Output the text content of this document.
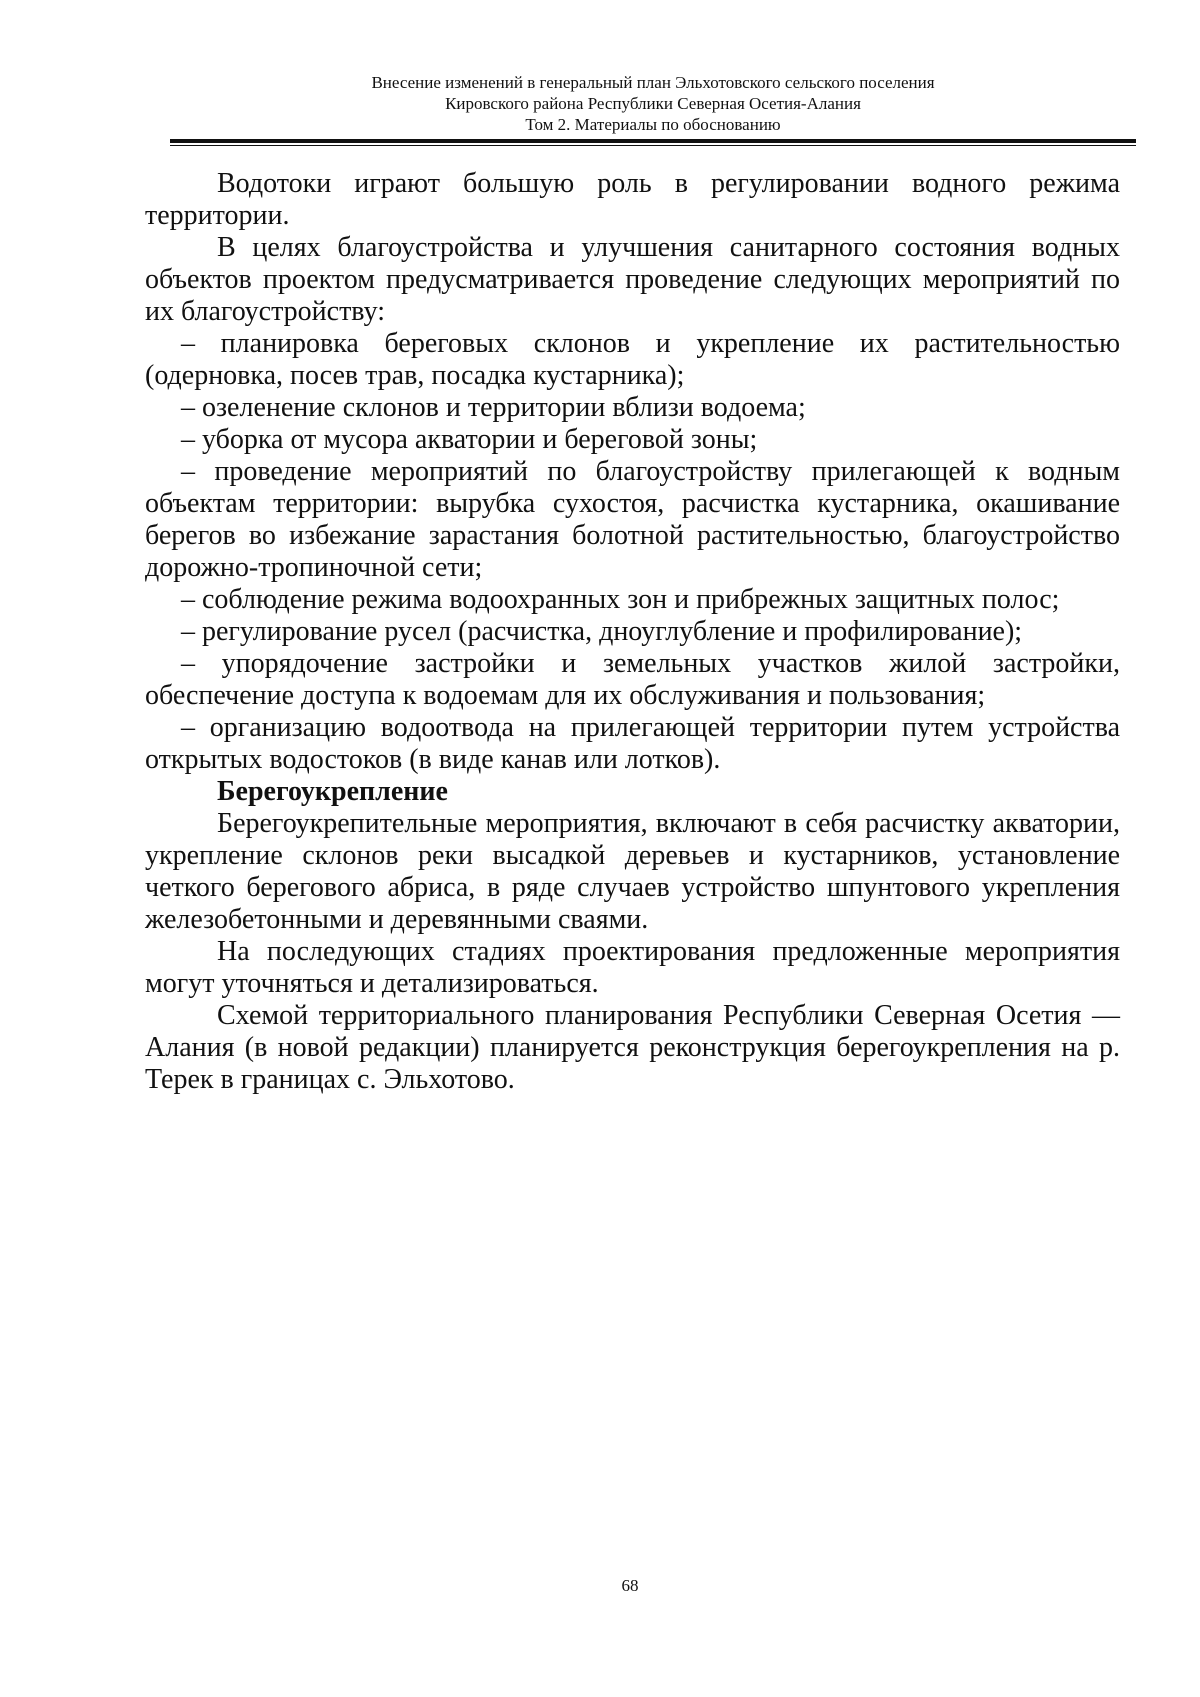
Внесение изменений в генеральный план Эльхотовского сельского поселения
Кировского района Республики Северная Осетия-Алания
Том 2. Материалы по обоснованию

Водотоки играют большую роль в регулировании водного режима территории.

В целях благоустройства и улучшения санитарного состояния водных объектов проектом предусматривается проведение следующих мероприятий по их благоустройству:

– планировка береговых склонов и укрепление их растительностью (одерновка, посев трав, посадка кустарника);

– озеленение склонов и территории вблизи водоема;

– уборка от мусора акватории и береговой зоны;

– проведение мероприятий по благоустройству прилегающей к водным объектам территории: вырубка сухостоя, расчистка кустарника, окашивание берегов во избежание зарастания болотной растительностью, благоустройство дорожно-тропиночной сети;

– соблюдение режима водоохранных зон и прибрежных защитных полос;

– регулирование русел (расчистка, дноуглубление и профилирование);

– упорядочение застройки и земельных участков жилой застройки, обеспечение доступа к водоемам для их обслуживания и пользования;

– организацию водоотвода на прилегающей территории путем устройства открытых водостоков (в виде канав или лотков).

Берегоукрепление

Берегоукрепительные мероприятия, включают в себя расчистку акватории, укрепление склонов реки высадкой деревьев и кустарников, установление четкого берегового абриса, в ряде случаев устройство шпунтового укрепления железобетонными и деревянными сваями.

На последующих стадиях проектирования предложенные мероприятия могут уточняться и детализироваться.

Схемой территориального планирования Республики Северная Осетия — Алания (в новой редакции) планируется реконструкция берегоукрепления на р. Терек в границах с. Эльхотово.

68
